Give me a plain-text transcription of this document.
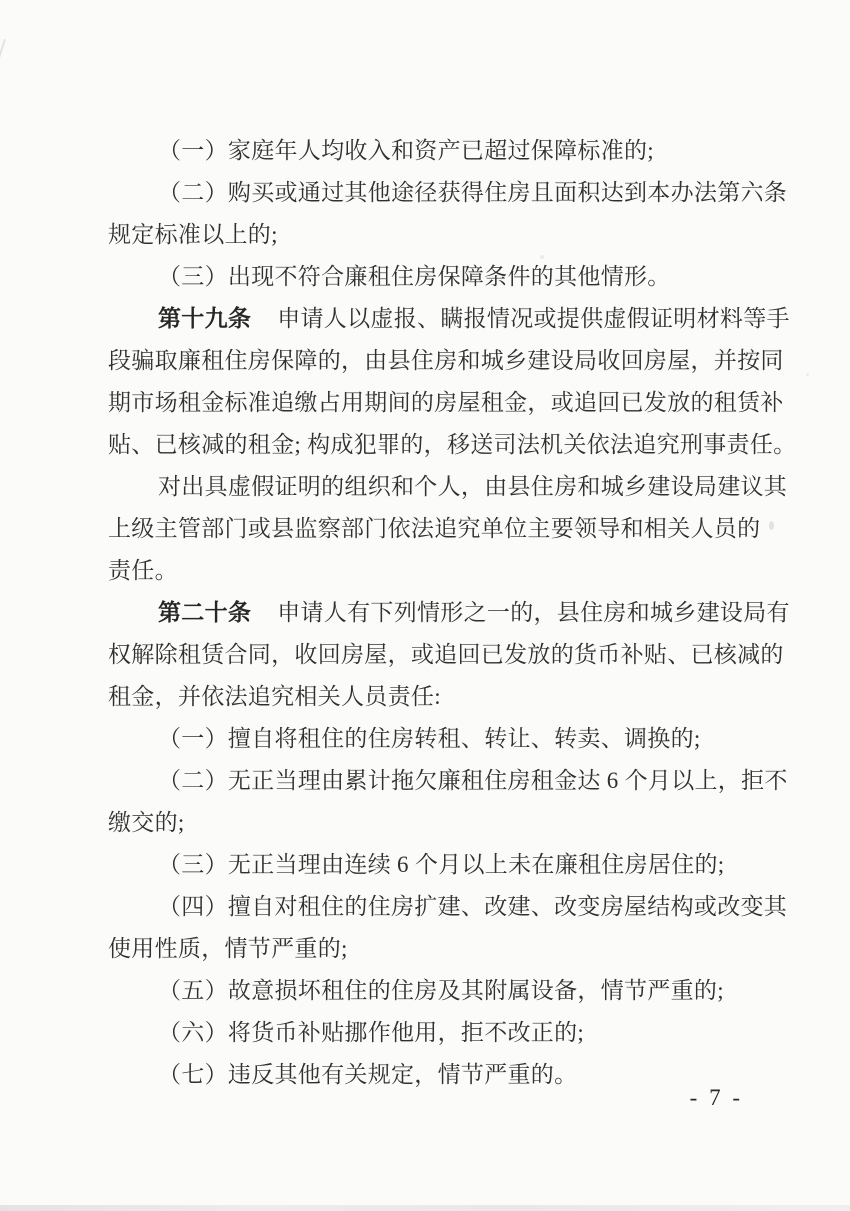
（一）家庭年人均收入和资产已超过保障标准的;
（二）购买或通过其他途径获得住房且面积达到本办法第六条
规定标准以上的;
（三）出现不符合廉租住房保障条件的其他情形。
第十九条 申请人以虚报、瞒报情况或提供虚假证明材料等手
段骗取廉租住房保障的，由县住房和城乡建设局收回房屋，并按同
期市场租金标准追缴占用期间的房屋租金，或追回已发放的租赁补
贴、已核减的租金; 构成犯罪的，移送司法机关依法追究刑事责任。
对出具虚假证明的组织和个人，由县住房和城乡建设局建议其
上级主管部门或县监察部门依法追究单位主要领导和相关人员的
责任。
第二十条 申请人有下列情形之一的，县住房和城乡建设局有
权解除租赁合同，收回房屋，或追回已发放的货币补贴、已核减的
租金，并依法追究相关人员责任:
（一）擅自将租住的住房转租、转让、转卖、调换的;
（二）无正当理由累计拖欠廉租住房租金达 6 个月以上，拒不
缴交的;
（三）无正当理由连续 6 个月以上未在廉租住房居住的;
（四）擅自对租住的住房扩建、改建、改变房屋结构或改变其
使用性质，情节严重的;
（五）故意损坏租住的住房及其附属设备，情节严重的;
（六）将货币补贴挪作他用，拒不改正的;
（七）违反其他有关规定，情节严重的。
- 7 -
